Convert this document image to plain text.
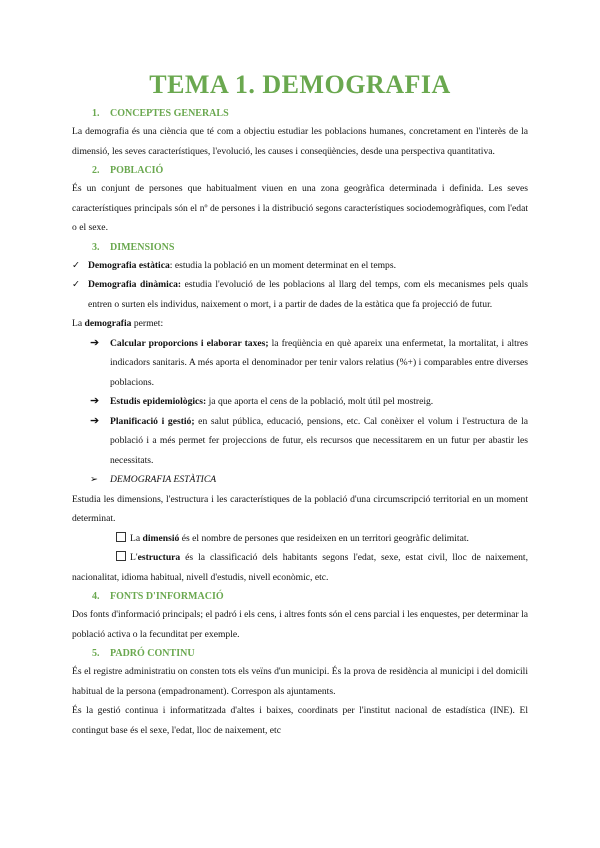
TEMA 1. DEMOGRAFIA
1. CONCEPTES GENERALS

La demografia és una ciència que té com a objectiu estudiar les poblacions humanes, concretament en l'interès de la dimensió, les seves característiques, l'evolució, les causes i conseqüències, desde una perspectiva quantitativa.

2. POBLACIÓ

És un conjunt de persones que habitualment viuen en una zona geogràfica determinada i definida. Les seves característiques principals són el nº de persones i la distribució segons característiques sociodemogràfiques, com l'edat o el sexe.

3. DIMENSIONS

✓ Demografia estàtica: estudia la població en un moment determinat en el temps.

✓ Demografia dinàmica: estudia l'evolució de les poblacions al llarg del temps, com els mecanismes pels quals entren o surten els individus, naixement o mort, i a partir de dades de la estàtica que fa projecció de futur.

La demografia permet:

➔ Calcular proporcions i elaborar taxes; la freqüència en què apareix una enfermetat, la mortalitat, i altres indicadors sanitaris. A més aporta el denominador per tenir valors relatius (%+) i comparables entre diverses poblacions.

➔ Estudis epidemiològics: ja que aporta el cens de la població, molt útil pel mostreig.

➔ Planificació i gestió; en salut pública, educació, pensions, etc. Cal conèixer el volum i l'estructura de la població i a més permet fer projeccions de futur, els recursos que necessitarem en un futur per abastir les necessitats.

➢ DEMOGRAFIA ESTÀTICA

Estudia les dimensions, l'estructura i les característiques de la població d'una circumscripció territorial en un moment determinat.

La dimensió és el nombre de persones que resideixen en un territori geogràfic delimitat.

L'estructura és la classificació dels habitants segons l'edat, sexe, estat civil, lloc de naixement, nacionalitat, idioma habitual, nivell d'estudis, nivell econòmic, etc.

4. FONTS D'INFORMACIÓ

Dos fonts d'informació principals; el padró i els cens, i altres fonts són el cens parcial i les enquestes, per determinar la població activa o la fecunditat per exemple.

5. PADRÓ CONTINU

És el registre administratiu on consten tots els veïns d'un municipi. És la prova de residència al municipi i del domicili habitual de la persona (empadronament). Correspon als ajuntaments.

És la gestió continua i informatitzada d'altes i baixes, coordinats per l'institut nacional de estadística (INE). El contingut base és el sexe, l'edat, lloc de naixement, etc
